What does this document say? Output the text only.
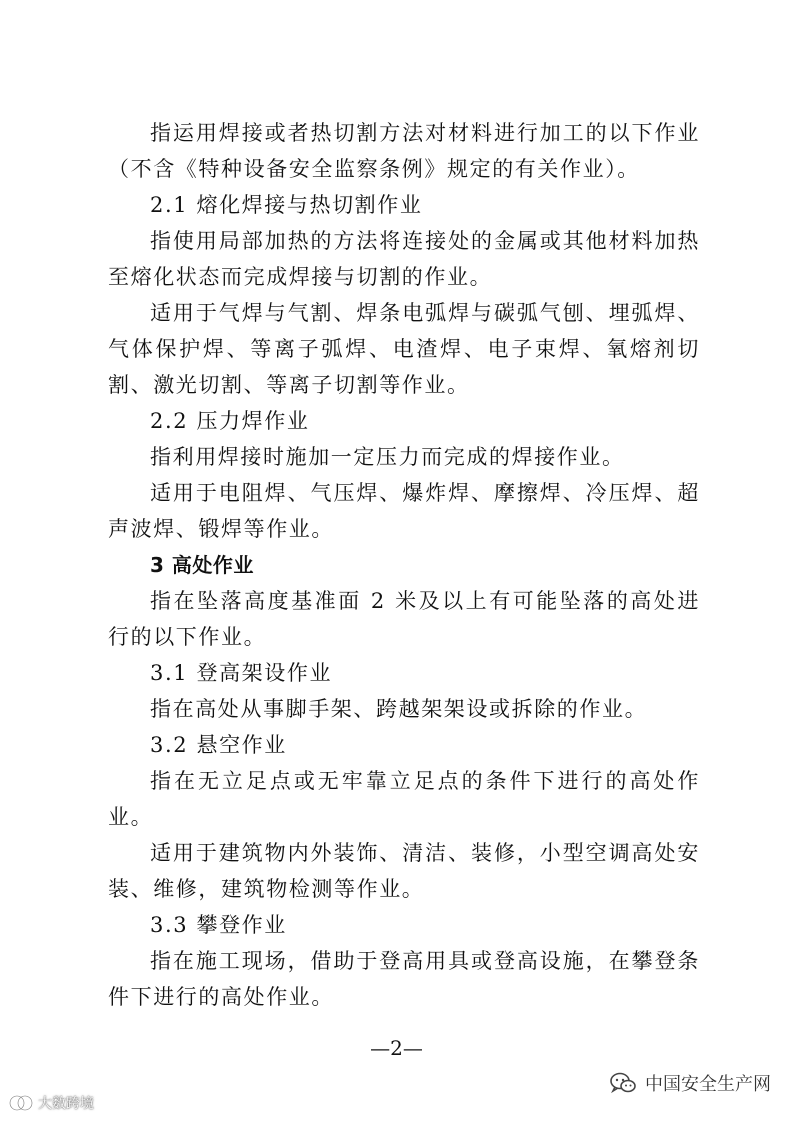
指运用焊接或者热切割方法对材料进行加工的以下作业（不含《特种设备安全监察条例》规定的有关作业）。

2.1 熔化焊接与热切割作业

指使用局部加热的方法将连接处的金属或其他材料加热至熔化状态而完成焊接与切割的作业。

适用于气焊与气割、焊条电弧焊与碳弧气刨、埋弧焊、气体保护焊、等离子弧焊、电渣焊、电子束焊、氧熔剂切割、激光切割、等离子切割等作业。

2.2 压力焊作业

指利用焊接时施加一定压力而完成的焊接作业。

适用于电阻焊、气压焊、爆炸焊、摩擦焊、冷压焊、超声波焊、锻焊等作业。

3 高处作业

指在坠落高度基准面 2 米及以上有可能坠落的高处进行的以下作业。

3.1 登高架设作业

指在高处从事脚手架、跨越架架设或拆除的作业。

3.2 悬空作业

指在无立足点或无牢靠立足点的条件下进行的高处作业。

适用于建筑物内外装饰、清洁、装修，小型空调高处安装、维修，建筑物检测等作业。

3.3 攀登作业

指在施工现场，借助于登高用具或登高设施，在攀登条件下进行的高处作业。

—2—
大数跨境
中国安全生产网
